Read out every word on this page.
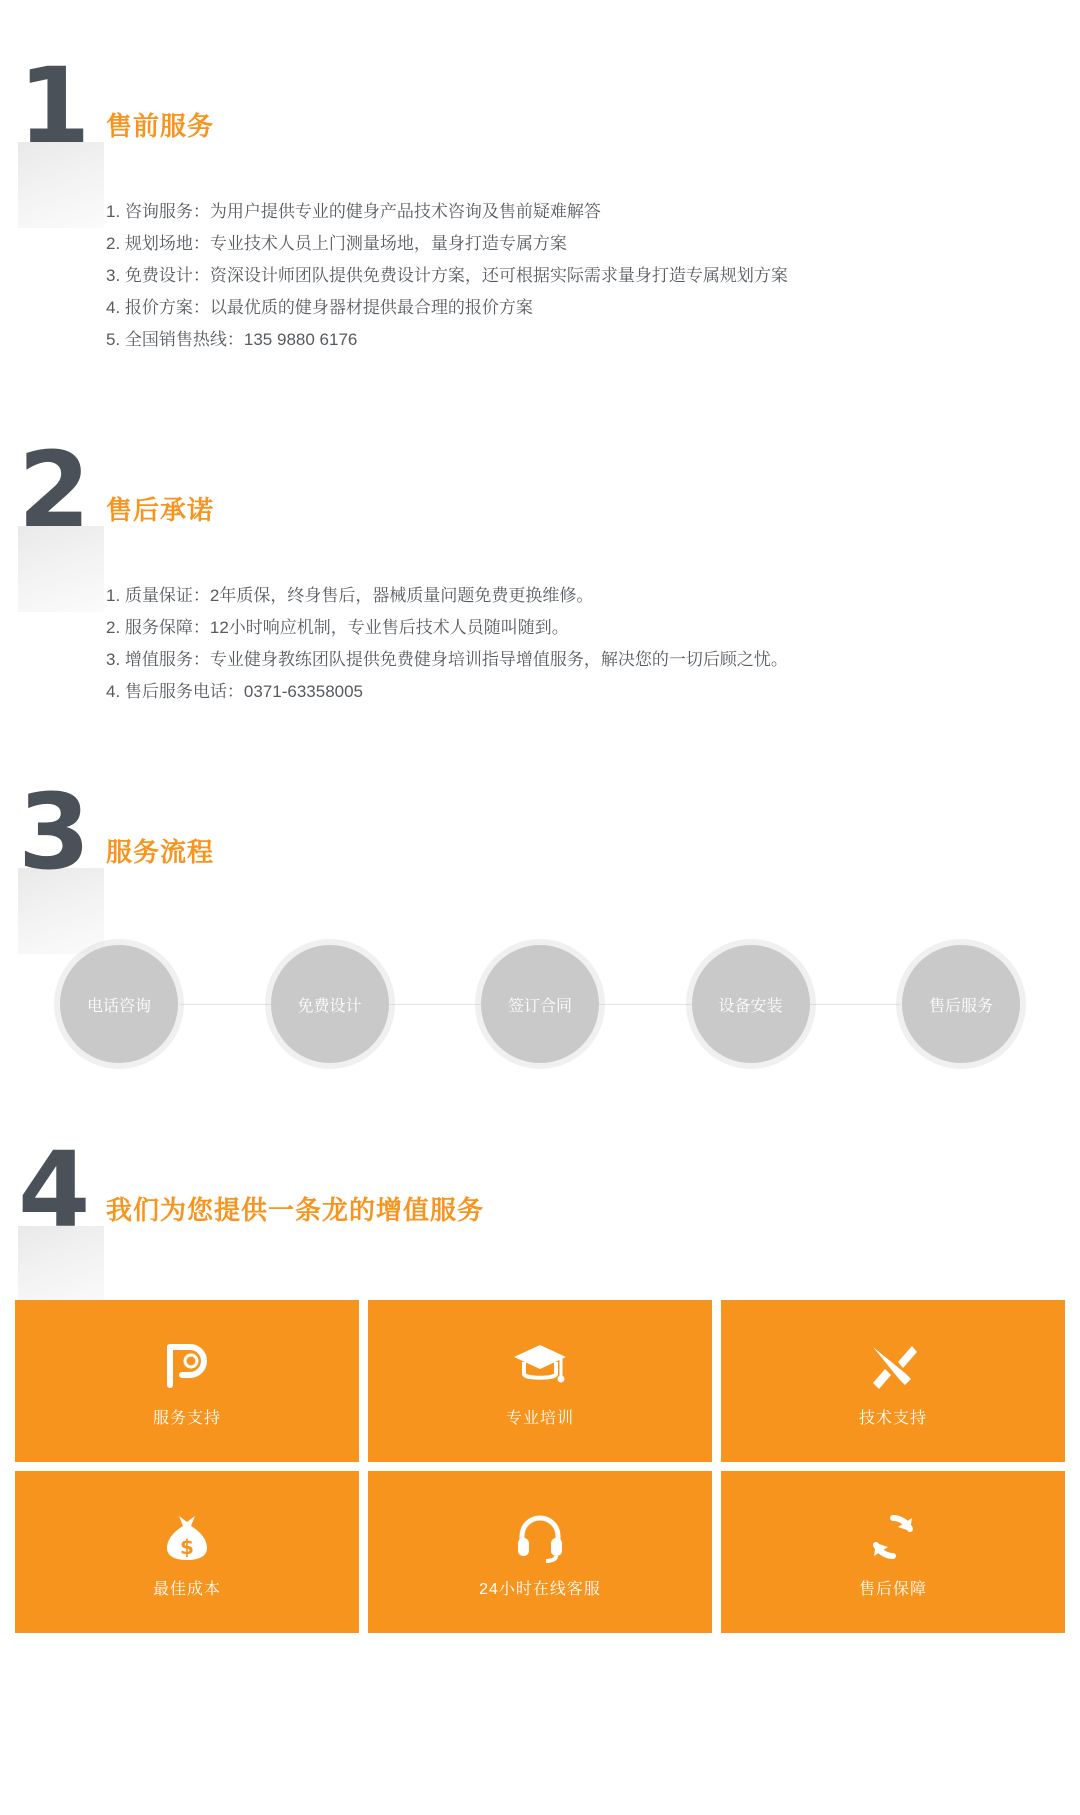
1 售前服务
1. 咨询服务：为用户提供专业的健身产品技术咨询及售前疑难解答
2. 规划场地：专业技术人员上门测量场地，量身打造专属方案
3. 免费设计：资深设计师团队提供免费设计方案，还可根据实际需求量身打造专属规划方案
4. 报价方案：以最优质的健身器材提供最合理的报价方案
5. 全国销售热线：135 9880 6176
2 售后承诺
1. 质量保证：2年质保，终身售后，器械质量问题免费更换维修。
2. 服务保障：12小时响应机制，专业售后技术人员随叫随到。
3. 增值服务：专业健身教练团队提供免费健身培训指导增值服务，解决您的一切后顾之忧。
4. 售后服务电话：0371-63358005
3 服务流程
电话咨询	免费设计	签订合同	设备安装	售后服务
4 我们为您提供一条龙的增值服务
服务支持	专业培训	技术支持
$
最佳成本	24小时在线客服	售后保障
